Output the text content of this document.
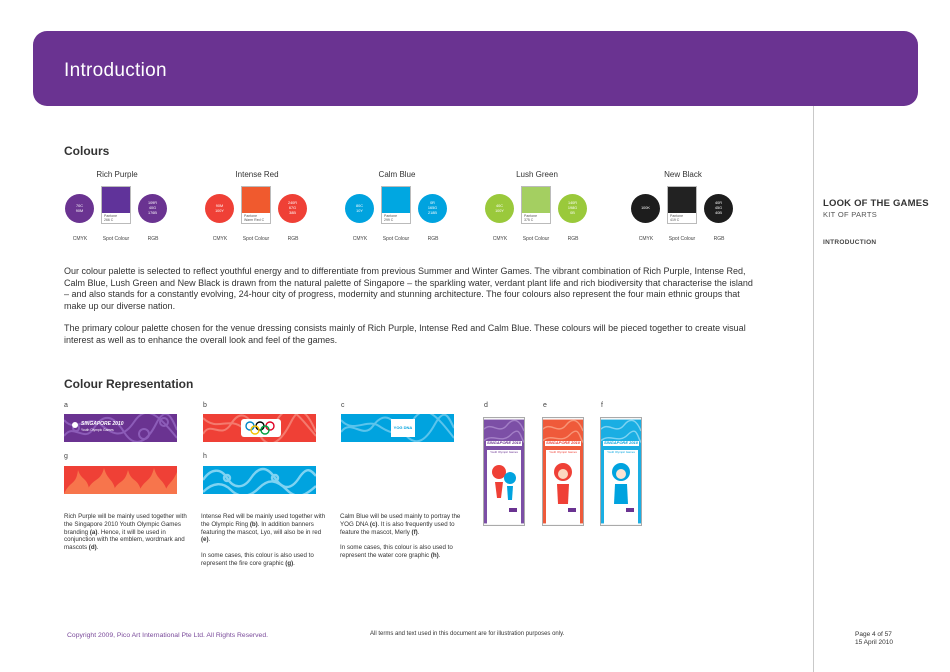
Introduction
LOOK OF THE GAMES
KIT OF PARTS
INTRODUCTION
Colours
Rich Purple
70C
90M
Pantone
266 C
109R
40G
176B
CMYK	Spot Colour	RGB
Intense Red
90M
100Y
Pantone
Warm Red C
240R
67G
38B
CMYK	Spot Colour	RGB
Calm Blue
80C
10Y
Pantone
299 C
0R
165G
218B
CMYK	Spot Colour	RGB
Lush Green
40C
100Y
Pantone
375 C
140R
198G
0B
CMYK	Spot Colour	RGB
New Black
100K
Pantone
419 C
40R
45G
40B
CMYK	Spot Colour	RGB

Our colour palette is selected to reflect youthful energy and to differentiate from previous Summer and Winter Games. The vibrant combination of Rich Purple, Intense Red, Calm Blue, Lush Green and New Black is drawn from the natural palette of Singapore – the sparkling water, verdant plant life and rich biodiversity that characterise the island – and also stands for a constantly evolving, 24-hour city of progress, modernity and stunning architecture. The four colours also represent the four main ethnic groups that make up our diverse nation.

The primary colour palette chosen for the venue dressing consists mainly of Rich Purple, Intense Red and Calm Blue. These colours will be pieced together to create visual interest as well as to enhance the overall look and feel of the games.

Colour Representation
a	b	c	d	e	f
g	h
SINGAPORE 2010
Youth Olympic Games	YOG DNA
SINGAPORE 2010
Youth Olympic Games
SINGAPORE 2010
Youth Olympic Games
SINGAPORE 2010
Youth Olympic Games

Rich Purple will be mainly used together with the Singapore 2010 Youth Olympic Games branding (a). Hence, it will be used in conjunction with the emblem, wordmark and mascots (d).

Intense Red will be mainly used together with the Olympic Ring (b). In addition banners featuring the mascot, Lyo, will also be in red (e).

In some cases, this colour is also used to represent the fire core graphic (g).

Calm Blue will be used mainly to portray the YOG DNA (c). It is also frequently used to feature the mascot, Merly (f).

In some cases, this colour is also used to represent the water core graphic (h).

Copyright 2009, Pico Art International Pte Ltd. All Rights Reserved.	All terms and text used in this document are for illustration purposes only.	Page 4 of 57
15 April 2010
